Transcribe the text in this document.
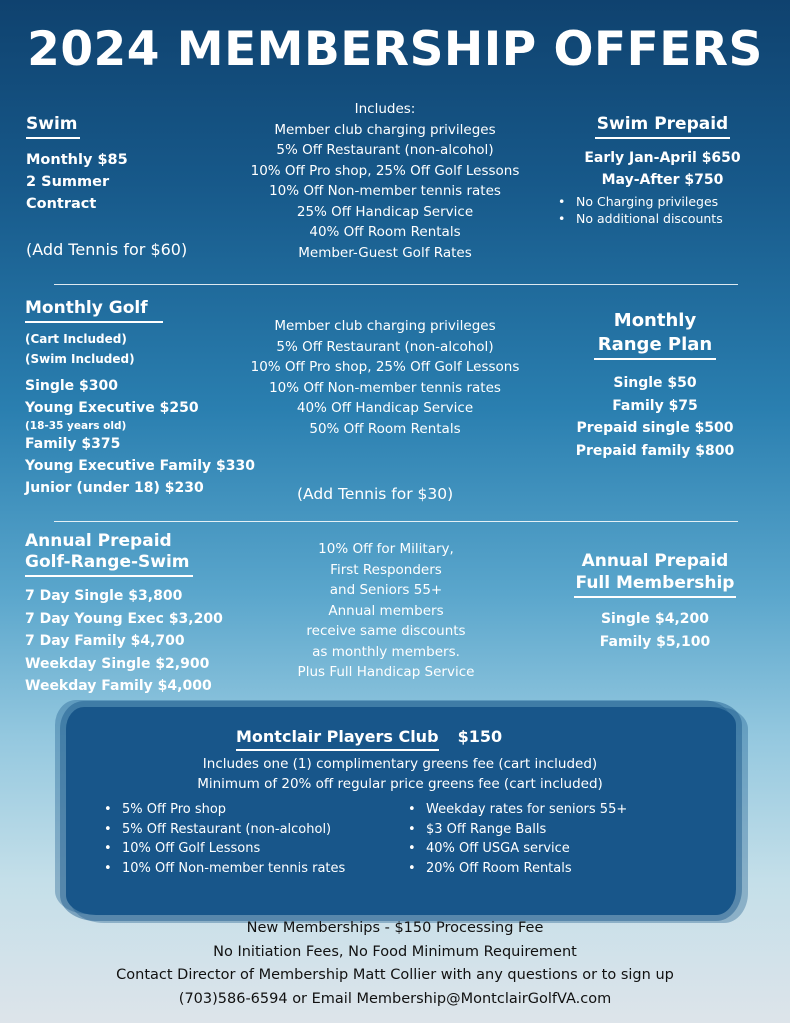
2024 MEMBERSHIP OFFERS
Swim
Monthly $85
2 Summer
Contract
(Add Tennis for $60)
Includes:
Member club charging privileges
5% Off Restaurant (non-alcohol)
10% Off Pro shop, 25% Off Golf Lessons
10% Off Non-member tennis rates
25% Off Handicap Service
40% Off Room Rentals
Member-Guest Golf Rates
Swim Prepaid
Early Jan-April $650
May-After $750
• No Charging privileges
• No additional discounts
Monthly Golf
(Cart Included)
(Swim Included)
Single $300
Young Executive $250
(18-35 years old)
Family $375
Young Executive Family $330
Junior (under 18) $230
Member club charging privileges
5% Off Restaurant (non-alcohol)
10% Off Pro shop, 25% Off Golf Lessons
10% Off Non-member tennis rates
40% Off Handicap Service
50% Off Room Rentals
(Add Tennis for $30)
Monthly
Range Plan
Single $50
Family $75
Prepaid single $500
Prepaid family $800
Annual Prepaid
Golf-Range-Swim
7 Day Single $3,800
7 Day Young Exec $3,200
7 Day Family $4,700
Weekday Single $2,900
Weekday Family $4,000
10% Off for Military,
First Responders
and Seniors 55+
Annual members
receive same discounts
as monthly members.
Plus Full Handicap Service
Annual Prepaid
Full Membership
Single $4,200
Family $5,100
Montclair Players Club $150
Includes one (1) complimentary greens fee (cart included)
Minimum of 20% off regular price greens fee (cart included)
• 5% Off Pro shop
• 5% Off Restaurant (non-alcohol)
• 10% Off Golf Lessons
• 10% Off Non-member tennis rates
• Weekday rates for seniors 55+
• $3 Off Range Balls
• 40% Off USGA service
• 20% Off Room Rentals
New Memberships - $150 Processing Fee
No Initiation Fees, No Food Minimum Requirement
Contact Director of Membership Matt Collier with any questions or to sign up
(703)586-6594 or Email Membership@MontclairGolfVA.com
